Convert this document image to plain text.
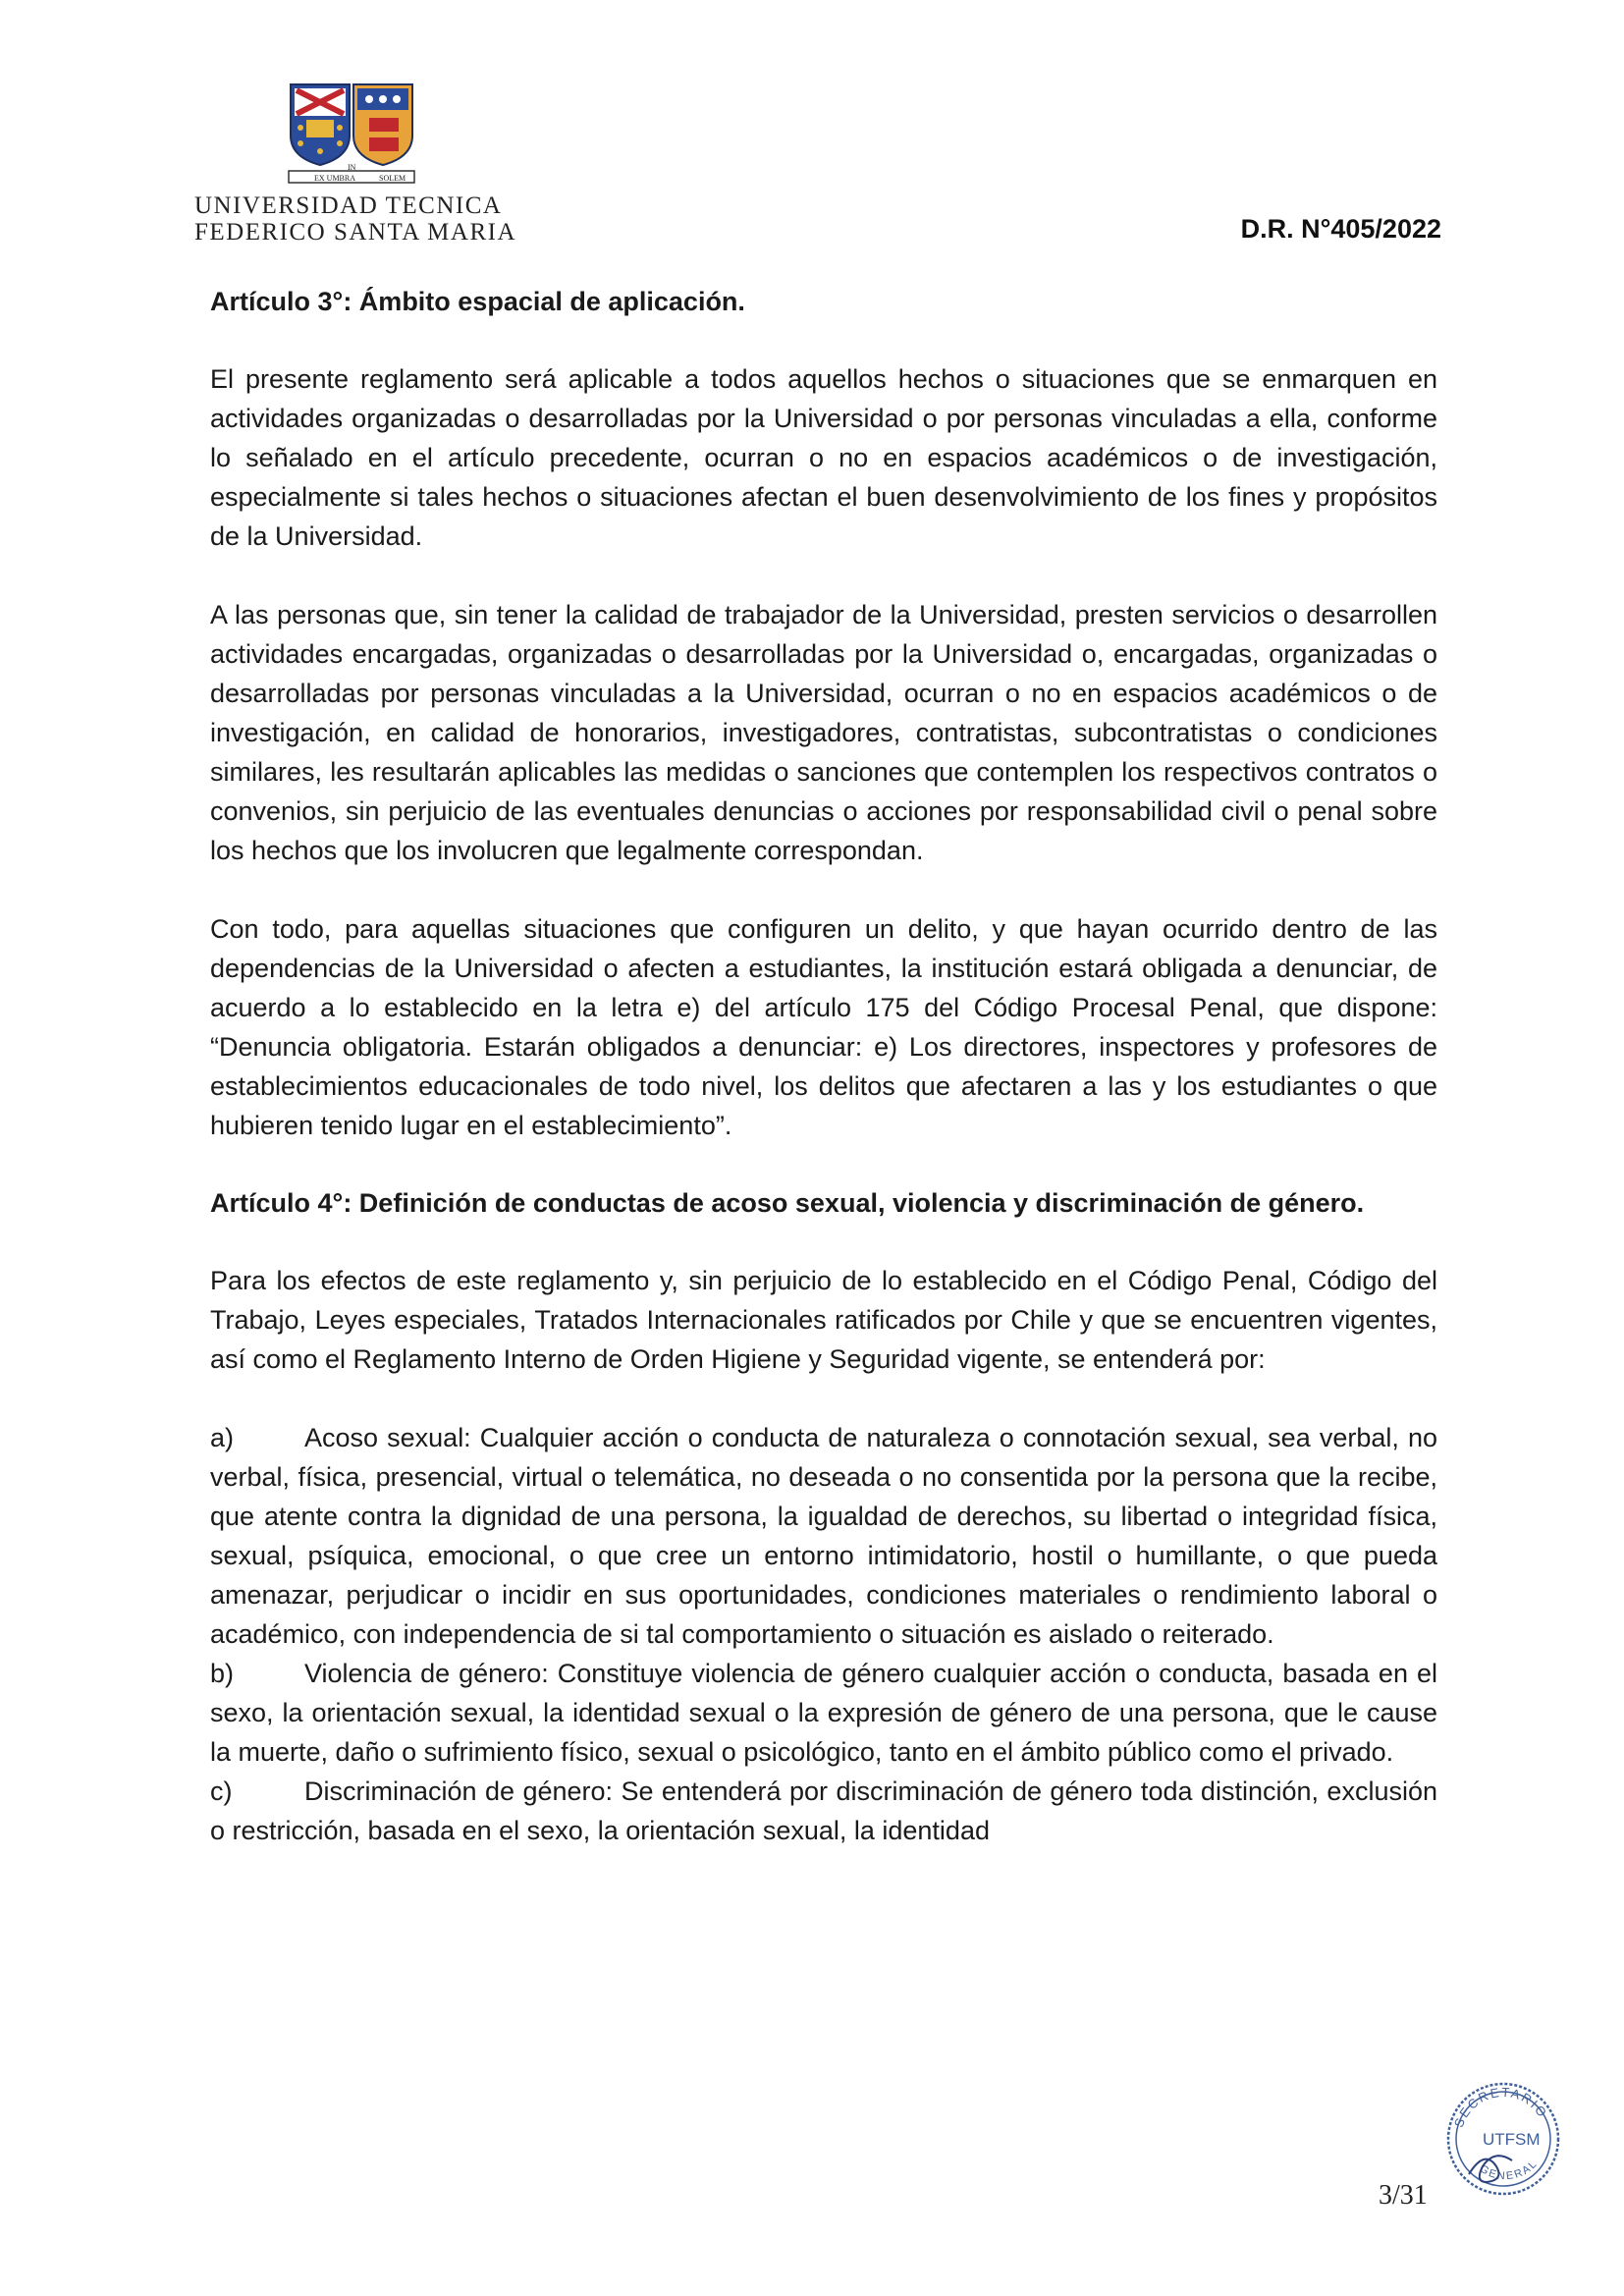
EX UMBRA
IN
SOLEM
UNIVERSIDAD TECNICA
FEDERICO SANTA MARIA	D.R. N°405/2022
Artículo 3°: Ámbito espacial de aplicación.

El presente reglamento será aplicable a todos aquellos hechos o situaciones que se enmarquen en actividades organizadas o desarrolladas por la Universidad o por personas vinculadas a ella, conforme lo señalado en el artículo precedente, ocurran o no en espacios académicos o de investigación, especialmente si tales hechos o situaciones afectan el buen desenvolvimiento de los fines y propósitos de la Universidad.

A las personas que, sin tener la calidad de trabajador de la Universidad, presten servicios o desarrollen actividades encargadas, organizadas o desarrolladas por la Universidad o, encargadas, organizadas o desarrolladas por personas vinculadas a la Universidad, ocurran o no en espacios académicos o de investigación, en calidad de honorarios, investigadores, contratistas, subcontratistas o condiciones similares, les resultarán aplicables las medidas o sanciones que contemplen los respectivos contratos o convenios, sin perjuicio de las eventuales denuncias o acciones por responsabilidad civil o penal sobre los hechos que los involucren que legalmente correspondan.

Con todo, para aquellas situaciones que configuren un delito, y que hayan ocurrido dentro de las dependencias de la Universidad o afecten a estudiantes, la institución estará obligada a denunciar, de acuerdo a lo establecido en la letra e) del artículo 175 del Código Procesal Penal, que dispone: “Denuncia obligatoria. Estarán obligados a denunciar: e) Los directores, inspectores y profesores de establecimientos educacionales de todo nivel, los delitos que afectaren a las y los estudiantes o que hubieren tenido lugar en el establecimiento”.

Artículo 4°: Definición de conductas de acoso sexual, violencia y discriminación de género.

Para los efectos de este reglamento y, sin perjuicio de lo establecido en el Código Penal, Código del Trabajo, Leyes especiales, Tratados Internacionales ratificados por Chile y que se encuentren vigentes, así como el Reglamento Interno de Orden Higiene y Seguridad vigente, se entenderá por:

a)	Acoso sexual: Cualquier acción o conducta de naturaleza o connotación sexual, sea verbal, no verbal, física, presencial, virtual o telemática, no deseada o no consentida por la persona que la recibe, que atente contra la dignidad de una persona, la igualdad de derechos, su libertad o integridad física, sexual, psíquica, emocional, o que cree un entorno intimidatorio, hostil o humillante, o que pueda amenazar, perjudicar o incidir en sus oportunidades, condiciones materiales o rendimiento laboral o académico, con independencia de si tal comportamiento o situación es aislado o reiterado.

b)	Violencia de género: Constituye violencia de género cualquier acción o conducta, basada en el sexo, la orientación sexual, la identidad sexual o la expresión de género de una persona, que le cause la muerte, daño o sufrimiento físico, sexual o psicológico, tanto en el ámbito público como el privado.

c)	Discriminación de género: Se entenderá por discriminación de género toda distinción, exclusión o restricción, basada en el sexo, la orientación sexual, la identidad

3/31
SECRETARIO
UTFSM
GENERAL
